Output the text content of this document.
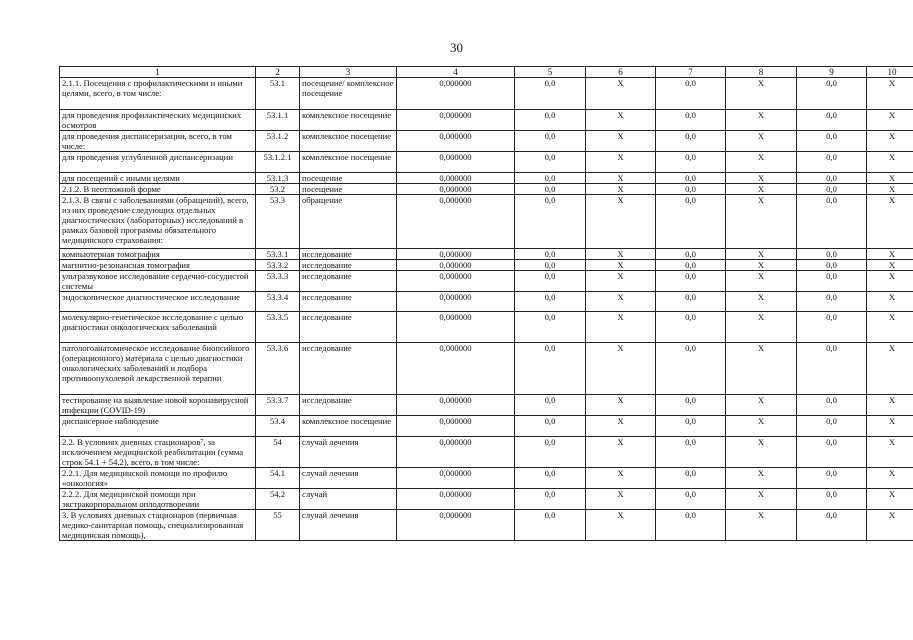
30
1	2	3	4	5	6	7	8	9	10
2.1.1. Посещения с профилактическими и иными целями, всего, в том числе:	53.1	посещение/ комплексное посещение	0,000000	0,0	X	0,0	X	0,0	X
для проведения профилактических медицинских осмотров	53.1.1	комплексное посещение	0,000000	0,0	X	0,0	X	0,0	X
для проведения диспансеризации, всего, в том числе:	53.1.2	комплексное посещение	0,000000	0,0	X	0,0	X	0,0	X
для проведения углубленной диспансеризации	53.1.2.1	комплексное посещение	0,000000	0,0	X	0,0	X	0,0	X
для посещений с иными целями	53.1.3	посещение	0,000000	0,0	X	0,0	X	0,0	X
2.1.2. В неотложной форме	53.2	посещение	0,000000	0,0	X	0,0	X	0,0	X
2.1.3. В связи с заболеваниями (обращений), всего, из них проведение следующих отдельных диагностических (лабораторных) исследований в рамках базовой программы обязательного медицинского страхования:	53.3	обращение	0,000000	0,0	X	0,0	X	0,0	X
компьютерная томография	53.3.1	исследование	0,000000	0,0	X	0,0	X	0,0	X
магнитно-резонансная томография	53.3.2	исследование	0,000000	0,0	X	0,0	X	0,0	X
ультразвуковое исследование сердечно-сосудистой системы	53.3.3	исследование	0,000000	0,0	X	0,0	X	0,0	X
эндоскопическое диагностическое исследование	53.3.4	исследование	0,000000	0,0	X	0,0	X	0,0	X
молекулярно-генетическое исследование с целью диагностики онкологических заболеваний	53.3.5	исследование	0,000000	0,0	X	0,0	X	0,0	X
патологоанатомическое исследование биопсийного (операционного) материала с целью диагностики онкологических заболеваний и подбора противоопухолевой лекарственной терапии	53.3.6	исследование	0,000000	0,0	X	0,0	X	0,0	X
тестирование на выявление новой коронавирусной инфекции (COVID-19)	53.3.7	исследование	0,000000	0,0	X	0,0	X	0,0	X
диспансерное наблюдение	53.4	комплексное посещение	0,000000	0,0	X	0,0	X	0,0	X
2.2. В условиях дневных стационаров⁷, за исключением медицинской реабилитации (сумма строк 54.1 + 54.2), всего, в том числе:	54	случай лечения	0,000000	0,0	X	0,0	X	0,0	X
2.2.1. Для медицинской помощи по профилю «онкология»	54.1	случай лечения	0,000000	0,0	X	0,0	X	0,0	X
2.2.2. Для медицинской помощи при экстракорпоральном оплодотворении	54.2	случай	0,000000	0,0	X	0,0	X	0,0	X
3. В условиях дневных стационаров (первичная медико-санитарная помощь, специализированная медицинская помощь),	55	случай лечения	0,000000	0,0	X	0,0	X	0,0	X
